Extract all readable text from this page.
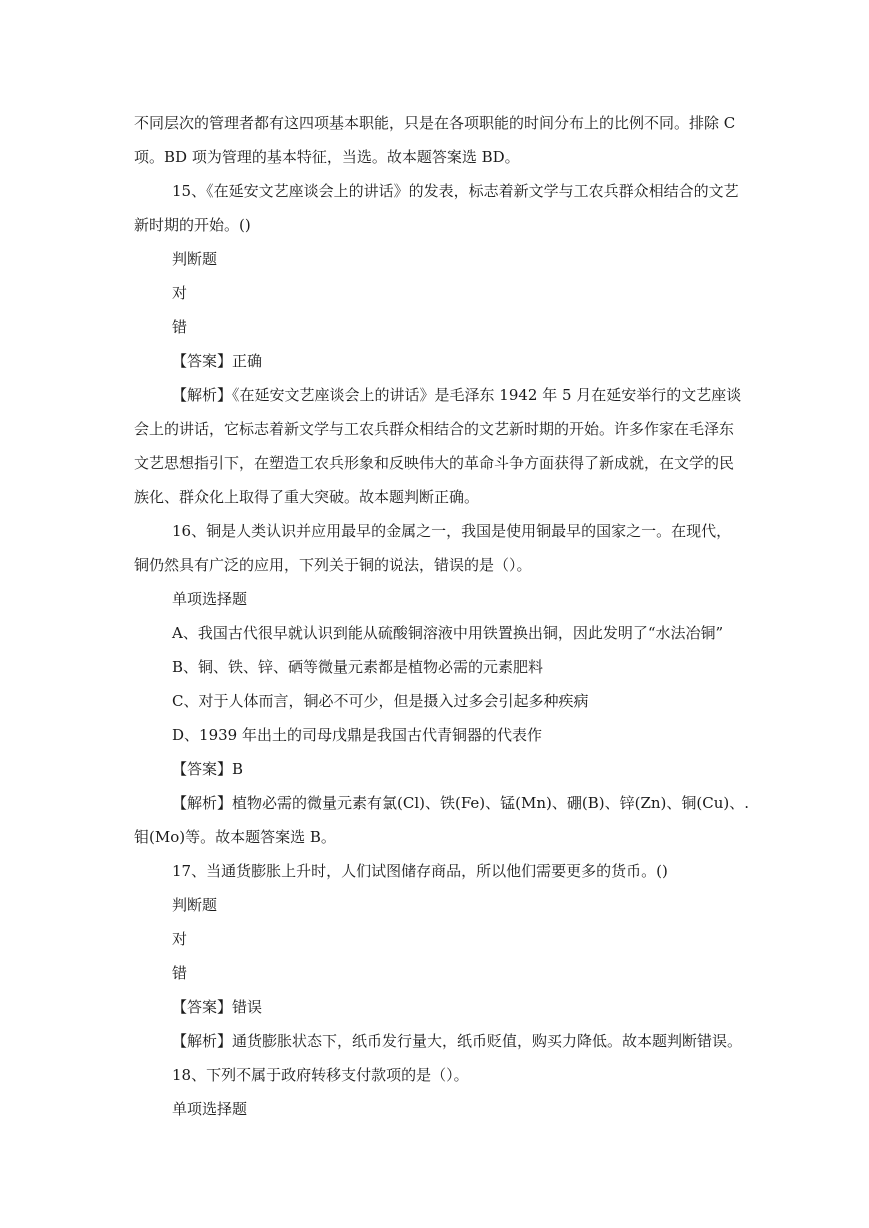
不同层次的管理者都有这四项基本职能，只是在各项职能的时间分布上的比例不同。排除 C
项。BD 项为管理的基本特征，当选。故本题答案选 BD。
15、《在延安文艺座谈会上的讲话》的发表，标志着新文学与工农兵群众相结合的文艺
新时期的开始。()
判断题
对
错
【答案】正确
【解析】《在延安文艺座谈会上的讲话》是毛泽东 1942 年 5 月在延安举行的文艺座谈
会上的讲话，它标志着新文学与工农兵群众相结合的文艺新时期的开始。许多作家在毛泽东
文艺思想指引下，在塑造工农兵形象和反映伟大的革命斗争方面获得了新成就，在文学的民
族化、群众化上取得了重大突破。故本题判断正确。
16、铜是人类认识并应用最早的金属之一，我国是使用铜最早的国家之一。在现代，
铜仍然具有广泛的应用，下列关于铜的说法，错误的是（）。
单项选择题
A、我国古代很早就认识到能从硫酸铜溶液中用铁置换出铜，因此发明了“水法冶铜”
B、铜、铁、锌、硒等微量元素都是植物必需的元素肥料
C、对于人体而言，铜必不可少，但是摄入过多会引起多种疾病
D、1939 年出土的司母戊鼎是我国古代青铜器的代表作
【答案】B
【解析】植物必需的微量元素有氯(Cl)、铁(Fe)、锰(Mn)、硼(B)、锌(Zn)、铜(Cu)、.
钼(Mo)等。故本题答案选 B。
17、当通货膨胀上升时，人们试图储存商品，所以他们需要更多的货币。()
判断题
对
错
【答案】错误
【解析】通货膨胀状态下，纸币发行量大，纸币贬值，购买力降低。故本题判断错误。
18、下列不属于政府转移支付款项的是（）。
单项选择题
